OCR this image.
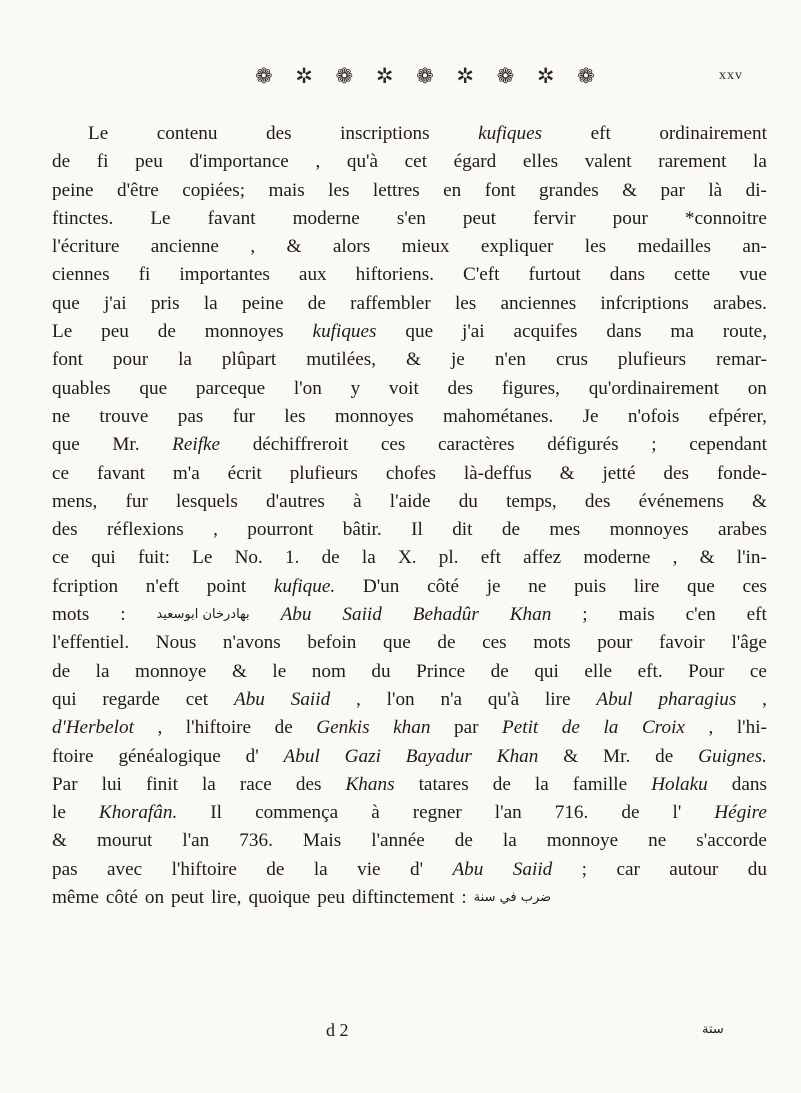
❁ ✲ ❁ ✲ ❁ ✲ ❁ ✲ ❁	xxv
Le	contenu	des	inscriptions	kufiques	eft	ordinairement
de fi peu d'importance , qu'à cet égard elles valent rarement la
peine d'être copiées; mais les lettres en font grandes & par là di-
ftinctes. Le favant moderne s'en peut fervir pour *connoitre
l'écriture ancienne , & alors mieux expliquer les medailles an-
ciennes fi importantes aux hiftoriens. C'eft furtout dans cette vue
que j'ai pris la peine de raffembler les anciennes infcriptions arabes.
Le peu de monnoyes kufiques que j'ai acquifes dans ma route,
font pour la plûpart mutilées, & je n'en crus plufieurs remar-
quables que parceque l'on y voit des figures, qu'ordinairement on
ne trouve pas fur les monnoyes mahométanes. Je n'ofois efpérer,
que Mr. Reifke déchiffreroit ces caractères défigurés ; cependant
ce favant m'a écrit plufieurs chofes là-deffus & jetté des fonde-
mens, fur lesquels d'autres à l'aide du temps, des événemens &
des réflexions , pourront bâtir. Il dit de mes monnoyes arabes
ce qui fuit: Le No. 1. de la X. pl. eft affez moderne , & l'in-
fcription n'eft point kufique. D'un côté je ne puis lire que ces
mots : بهادرخان ابوسعيد Abu Saiid Behadûr Khan ; mais c'en eft
l'effentiel. Nous n'avons befoin que de ces mots pour favoir l'âge
de la monnoye & le nom du Prince de qui elle eft. Pour ce
qui regarde cet Abu Saiid , l'on n'a qu'à lire Abul pharagius ,
d'Herbelot , l'hiftoire de Genkis khan par Petit de la Croix , l'hi-
ftoire généalogique d' Abul Gazi Bayadur Khan & Mr. de Guignes.
Par lui finit la race des Khans tatares de la famille Holaku dans
le Khorafân. Il commença à regner l'an 716. de l' Hégire
& mourut l'an 736. Mais l'année de la monnoye ne s'accorde
pas avec l'hiftoire de la vie d' Abu Saiid ; car autour du
même côté on peut lire, quoique peu diftinctement : ضرب في سنة
d 2	ستة
